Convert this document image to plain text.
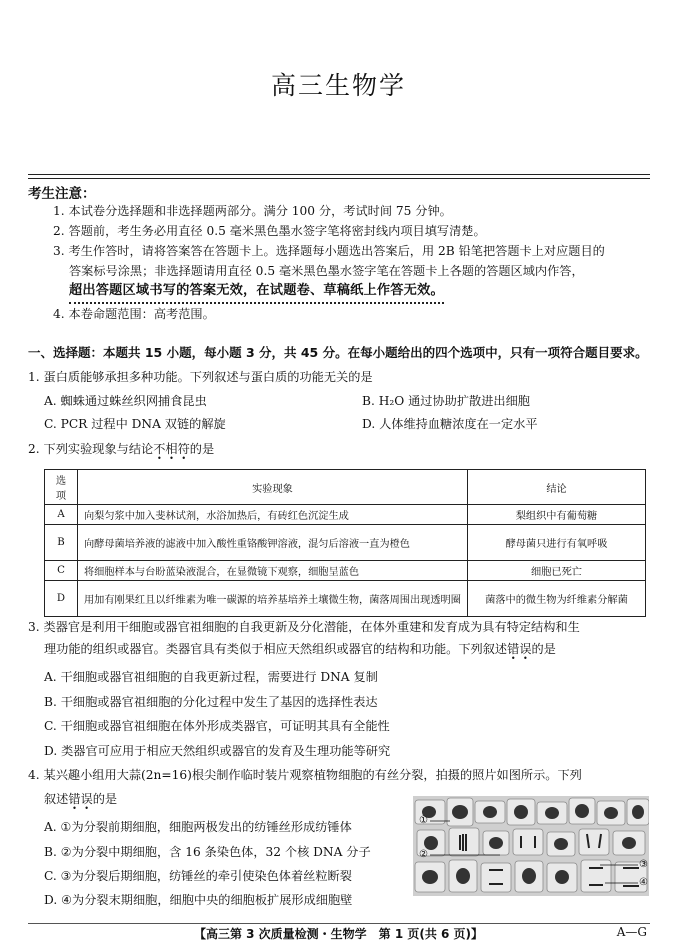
高三生物学
考生注意：
1. 本试卷分选择题和非选择题两部分。满分 100 分，考试时间 75 分钟。
2. 答题前，考生务必用直径 0.5 毫米黑色墨水签字笔将密封线内项目填写清楚。
3. 考生作答时，请将答案答在答题卡上。选择题每小题选出答案后，用 2B 铅笔把答题卡上对应题目的
答案标号涂黑；非选择题请用直径 0.5 毫米黑色墨水签字笔在答题卡上各题的答题区域内作答，
超出答题区域书写的答案无效，在试题卷、草稿纸上作答无效。
4. 本卷命题范围：高考范围。
一、选择题：本题共 15 小题，每小题 3 分，共 45 分。在每小题给出的四个选项中，只有一项符合题目要求。
1. 蛋白质能够承担多种功能。下列叙述与蛋白质的功能无关的是
A. 蜘蛛通过蛛丝织网捕食昆虫	B. H₂O 通过协助扩散进出细胞
C. PCR 过程中 DNA 双链的解旋	D. 人体维持血糖浓度在一定水平
2. 下列实验现象与结论不相符的是
选项	实验现象	结论
A	向梨匀浆中加入斐林试剂，水浴加热后，有砖红色沉淀生成	梨组织中有葡萄糖
B	向酵母菌培养液的滤液中加入酸性重铬酸钾溶液，混匀后溶液一直为橙色	酵母菌只进行有氧呼吸
C	将细胞样本与台盼蓝染液混合，在显微镜下观察，细胞呈蓝色	细胞已死亡
D	用加有刚果红且以纤维素为唯一碳源的培养基培养土壤微生物，菌落周围出现透明圈	菌落中的微生物为纤维素分解菌
3. 类器官是利用干细胞或器官祖细胞的自我更新及分化潜能，在体外重建和发育成为具有特定结构和生
理功能的组织或器官。类器官具有类似于相应天然组织或器官的结构和功能。下列叙述错误的是
A. 干细胞或器官祖细胞的自我更新过程，需要进行 DNA 复制
B. 干细胞或器官祖细胞的分化过程中发生了基因的选择性表达
C. 干细胞或器官祖细胞在体外形成类器官，可证明其具有全能性
D. 类器官可应用于相应天然组织或器官的发育及生理功能等研究
4. 某兴趣小组用大蒜(2n=16)根尖制作临时装片观察植物细胞的有丝分裂，拍摄的照片如图所示。下列
叙述错误的是
A. ①为分裂前期细胞，细胞两极发出的纺锤丝形成纺锤体
B. ②为分裂中期细胞，含 16 条染色体，32 个核 DNA 分子
C. ③为分裂后期细胞，纺锤丝的牵引使染色体着丝粒断裂
D. ④为分裂末期细胞，细胞中央的细胞板扩展形成细胞壁
①
②
③
④
【高三第 3 次质量检测・生物学　第 1 页(共 6 页)】	A—G
